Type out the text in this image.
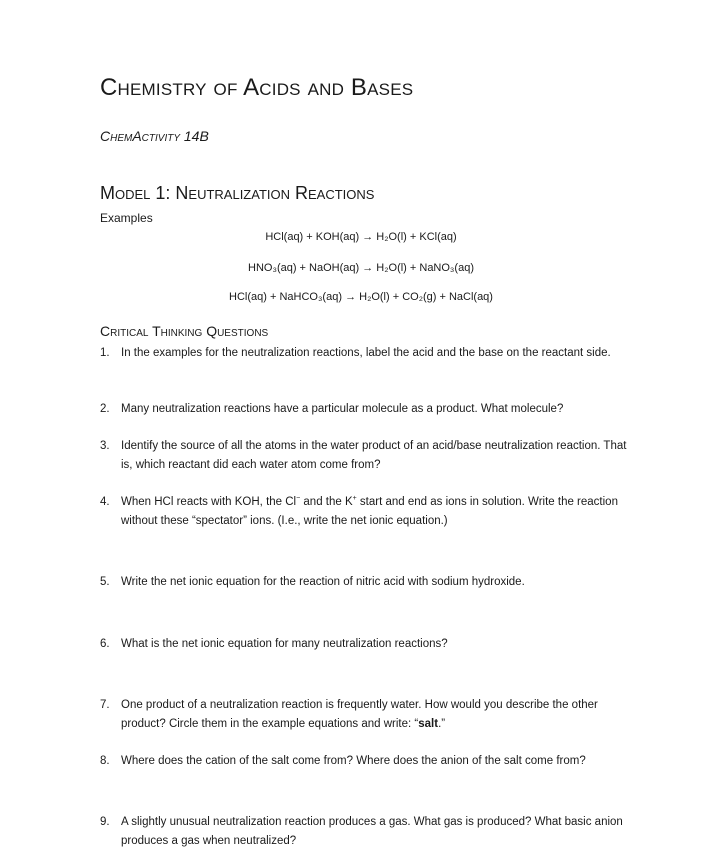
Chemistry of Acids and Bases

ChemActivity 14B

Model 1: Neutralization Reactions

Examples

HCl(aq) + KOH(aq) → H₂O(l) + KCl(aq)

HNO₃(aq) + NaOH(aq) → H₂O(l) + NaNO₃(aq)

HCl(aq) + NaHCO₃(aq) → H₂O(l) + CO₂(g) + NaCl(aq)

Critical Thinking Questions
1. In the examples for the neutralization reactions, label the acid and the base on the reactant side.
2. Many neutralization reactions have a particular molecule as a product. What molecule?
3. Identify the source of all the atoms in the water product of an acid/base neutralization reaction. That is, which reactant did each water atom come from?
4. When HCl reacts with KOH, the Cl− and the K+ start and end as ions in solution. Write the reaction without these “spectator” ions. (I.e., write the net ionic equation.)
5. Write the net ionic equation for the reaction of nitric acid with sodium hydroxide.
6. What is the net ionic equation for many neutralization reactions?
7. One product of a neutralization reaction is frequently water. How would you describe the other product? Circle them in the example equations and write: “salt.”
8. Where does the cation of the salt come from? Where does the anion of the salt come from?
9. A slightly unusual neutralization reaction produces a gas. What gas is produced? What basic anion produces a gas when neutralized?
